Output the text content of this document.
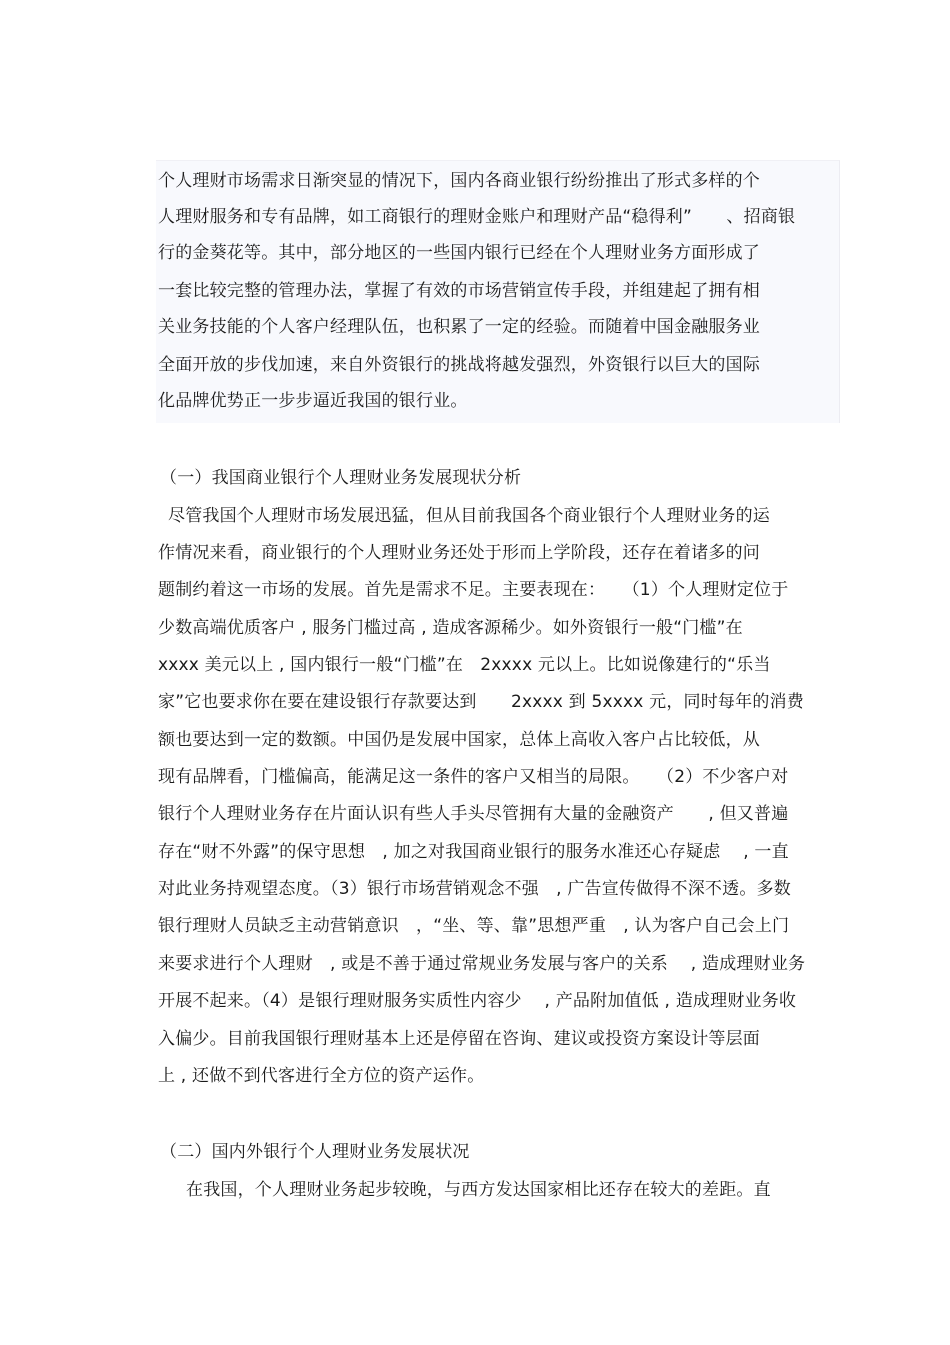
个人理财市场需求日渐突显的情况下，国内各商业银行纷纷推出了形式多样的个
人理财服务和专有品牌，如工商银行的理财金账户和理财产品“稳得利”　　、招商银
行的金葵花等。其中，部分地区的一些国内银行已经在个人理财业务方面形成了
一套比较完整的管理办法，掌握了有效的市场营销宣传手段，并组建起了拥有相
关业务技能的个人客户经理队伍，也积累了一定的经验。而随着中国金融服务业
全面开放的步伐加速，来自外资银行的挑战将越发强烈，外资银行以巨大的国际
化品牌优势正一步步逼近我国的银行业。
（一）我国商业银行个人理财业务发展现状分析
尽管我国个人理财市场发展迅猛，但从目前我国各个商业银行个人理财业务的运
作情况来看，商业银行的个人理财业务还处于形而上学阶段，还存在着诸多的问
题制约着这一市场的发展。首先是需求不足。主要表现在：　　（1）个人理财定位于
少数高端优质客户 , 服务门槛过高 , 造成客源稀少。如外资银行一般“门槛”在
xxxx 美元以上 , 国内银行一般“门槛”在　2xxxx 元以上。比如说像建行的“乐当
家”它也要求你在要在建设银行存款要达到　　2xxxx 到 5xxxx 元，同时每年的消费
额也要达到一定的数额。中国仍是发展中国家，总体上高收入客户占比较低，从
现有品牌看，门槛偏高，能满足这一条件的客户又相当的局限。　　（2）不少客户对
银行个人理财业务存在片面认识有些人手头尽管拥有大量的金融资产　　, 但又普遍
存在“财不外露”的保守思想　, 加之对我国商业银行的服务水准还心存疑虑　 , 一直
对此业务持观望态度。（3）银行市场营销观念不强　, 广告宣传做得不深不透。多数
银行理财人员缺乏主动营销意识　，“坐、等、靠”思想严重　, 认为客户自己会上门
来要求进行个人理财　, 或是不善于通过常规业务发展与客户的关系　 , 造成理财业务
开展不起来。（4）是银行理财服务实质性内容少　 , 产品附加值低 , 造成理财业务收
入偏少。目前我国银行理财基本上还是停留在咨询、建议或投资方案设计等层面
上 , 还做不到代客进行全方位的资产运作。
（二）国内外银行个人理财业务发展状况
在我国，个人理财业务起步较晚，与西方发达国家相比还存在较大的差距。直
